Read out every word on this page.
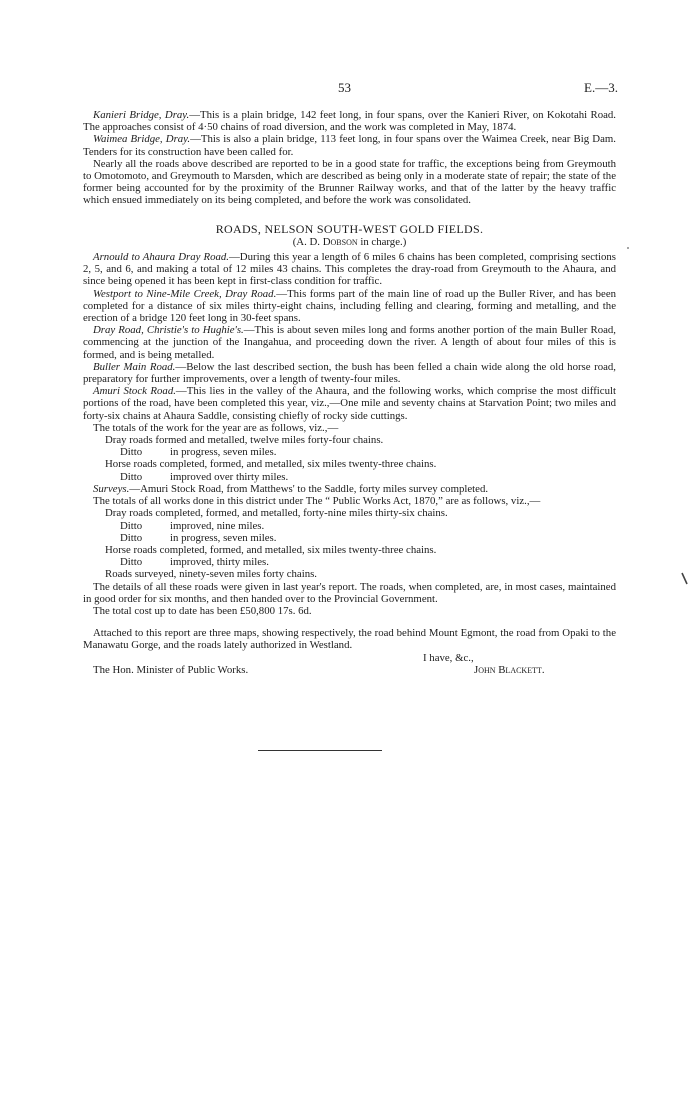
53	E.—3.

Kanieri Bridge, Dray.—This is a plain bridge, 142 feet long, in four spans, over the Kanieri River, on Kokotahi Road. The approaches consist of 4·50 chains of road diversion, and the work was completed in May, 1874.

Waimea Bridge, Dray.—This is also a plain bridge, 113 feet long, in four spans over the Waimea Creek, near Big Dam. Tenders for its construction have been called for.

Nearly all the roads above described are reported to be in a good state for traffic, the exceptions being from Greymouth to Omotomoto, and Greymouth to Marsden, which are described as being only in a moderate state of repair; the state of the former being accounted for by the proximity of the Brunner Railway works, and that of the latter by the heavy traffic which ensued immediately on its being completed, and before the work was consolidated.

ROADS, NELSON SOUTH-WEST GOLD FIELDS.

(A. D. Dobson in charge.)

Arnould to Ahaura Dray Road.—During this year a length of 6 miles 6 chains has been completed, comprising sections 2, 5, and 6, and making a total of 12 miles 43 chains. This completes the dray-road from Greymouth to the Ahaura, and since being opened it has been kept in first-class condition for traffic.

Westport to Nine-Mile Creek, Dray Road.—This forms part of the main line of road up the Buller River, and has been completed for a distance of six miles thirty-eight chains, including felling and clearing, forming and metalling, and the erection of a bridge 120 feet long in 30-feet spans.

Dray Road, Christie's to Hughie's.—This is about seven miles long and forms another portion of the main Buller Road, commencing at the junction of the Inangahua, and proceeding down the river. A length of about four miles of this is formed, and is being metalled.

Buller Main Road.—Below the last described section, the bush has been felled a chain wide along the old horse road, preparatory for further improvements, over a length of twenty-four miles.

Amuri Stock Road.—This lies in the valley of the Ahaura, and the following works, which comprise the most difficult portions of the road, have been completed this year, viz.,—One mile and seventy chains at Starvation Point; two miles and forty-six chains at Ahaura Saddle, consisting chiefly of rocky side cuttings.

The totals of the work for the year are as follows, viz.,—

Dray roads formed and metalled, twelve miles forty-four chains.

Ditto	in progress, seven miles.

Horse roads completed, formed, and metalled, six miles twenty-three chains.

Ditto	improved over thirty miles.

Surveys.—Amuri Stock Road, from Matthews' to the Saddle, forty miles survey completed.

The totals of all works done in this district under The “ Public Works Act, 1870,” are as follows, viz.,—

Dray roads completed, formed, and metalled, forty-nine miles thirty-six chains.

Ditto	improved, nine miles.

Ditto	in progress, seven miles.

Horse roads completed, formed, and metalled, six miles twenty-three chains.

Ditto	improved, thirty miles.

Roads surveyed, ninety-seven miles forty chains.

The details of all these roads were given in last year's report. The roads, when completed, are, in most cases, maintained in good order for six months, and then handed over to the Provincial Government.

The total cost up to date has been £50,800 17s. 6d.

Attached to this report are three maps, showing respectively, the road behind Mount Egmont, the road from Opaki to the Manawatu Gorge, and the roads lately authorized in Westland.

I have, &c.,
The Hon. Minister of Public Works.	John Blackett.
